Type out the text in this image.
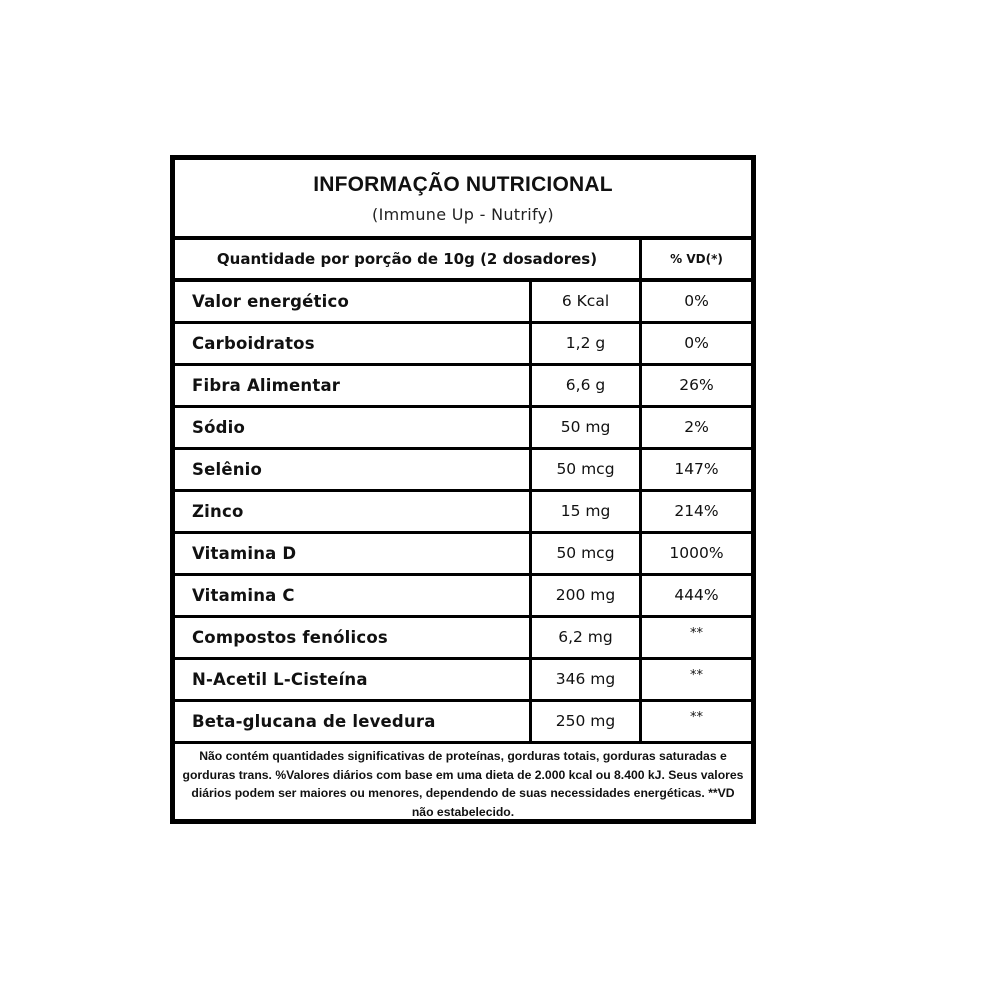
INFORMAÇÃO NUTRICIONAL
(Immune Up - Nutrify)
Quantidade por porção de 10g (2 dosadores)	% VD(*)
Valor energético	6 Kcal	0%
Carboidratos	1,2 g	0%
Fibra Alimentar	6,6 g	26%
Sódio	50 mg	2%
Selênio	50 mcg	147%
Zinco	15 mg	214%
Vitamina D	50 mcg	1000%
Vitamina C	200 mg	444%
Compostos fenólicos	6,2 mg	**
N-Acetil L-Cisteína	346 mg	**
Beta-glucana de levedura	250 mg	**
Não contém quantidades significativas de proteínas, gorduras totais, gorduras saturadas e gorduras trans. %Valores diários com base em uma dieta de 2.000 kcal ou 8.400 kJ. Seus valores diários podem ser maiores ou menores, dependendo de suas necessidades energéticas. **VD não estabelecido.
